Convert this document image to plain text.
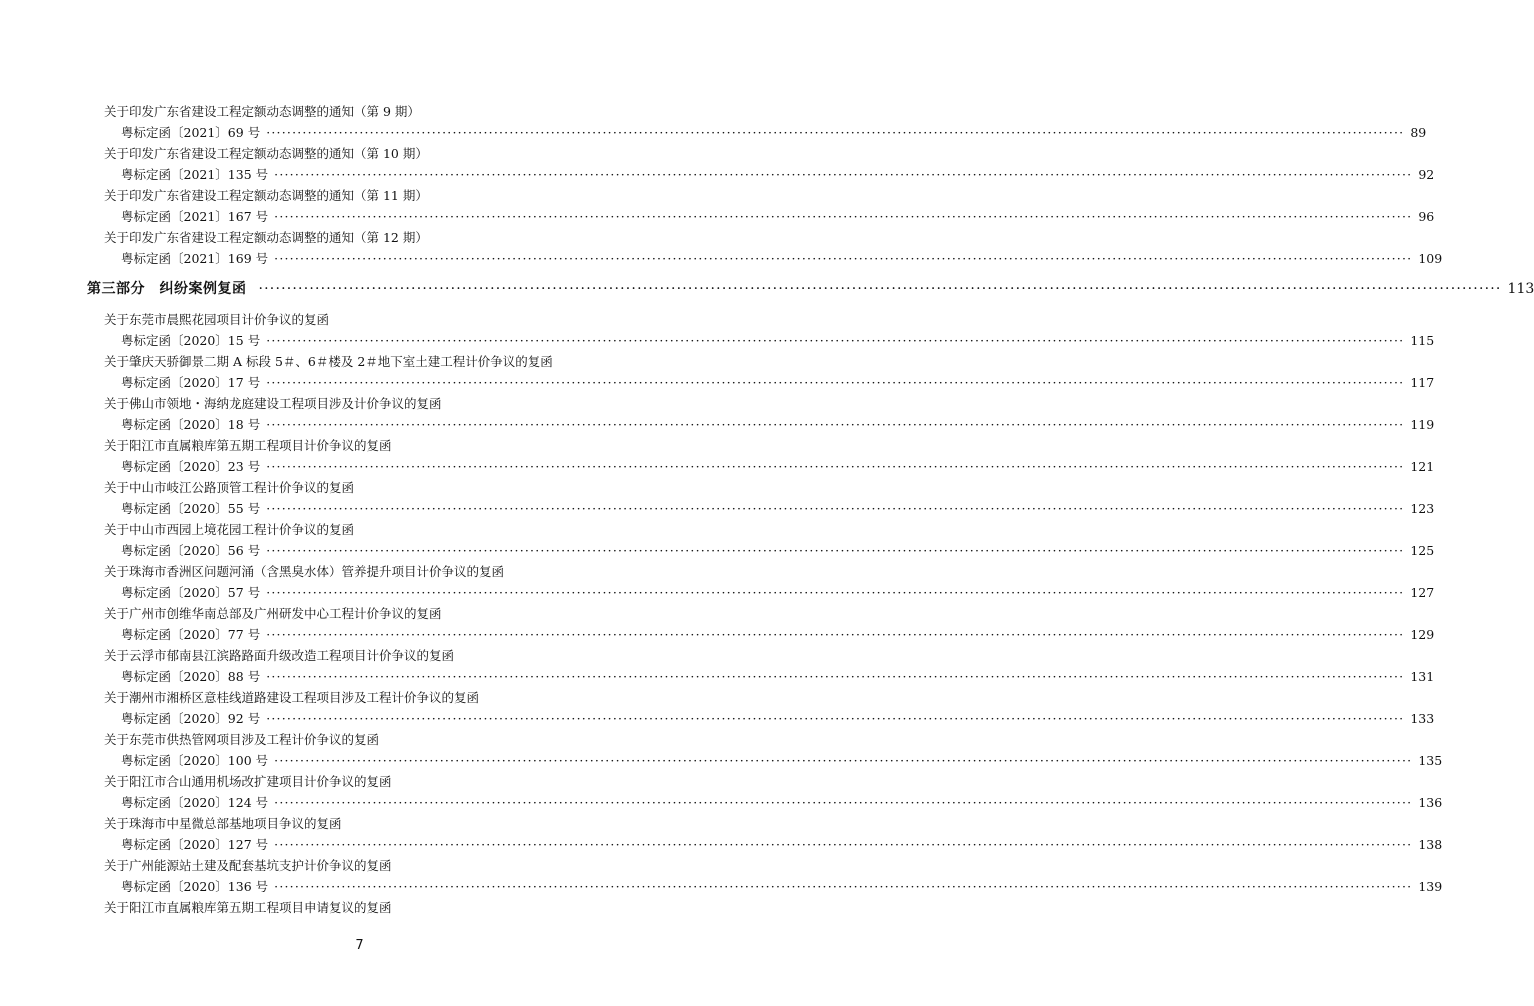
关于印发广东省建设工程定额动态调整的通知（第 9 期）
粤标定函〔2021〕69 号 ···························································································································································································································· 89
关于印发广东省建设工程定额动态调整的通知（第 10 期）
粤标定函〔2021〕135 号 ···························································································································································································································· 92
关于印发广东省建设工程定额动态调整的通知（第 11 期）
粤标定函〔2021〕167 号 ···························································································································································································································· 96
关于印发广东省建设工程定额动态调整的通知（第 12 期）
粤标定函〔2021〕169 号 ···························································································································································································································· 109
第三部分　纠纷案例复函 ···························································································································································································································· 113
关于东莞市晨熙花园项目计价争议的复函
粤标定函〔2020〕15 号 ···························································································································································································································· 115
关于肇庆天骄御景二期 A 标段 5＃、6＃楼及 2＃地下室土建工程计价争议的复函
粤标定函〔2020〕17 号 ···························································································································································································································· 117
关于佛山市领地・海纳龙庭建设工程项目涉及计价争议的复函
粤标定函〔2020〕18 号 ···························································································································································································································· 119
关于阳江市直属粮库第五期工程项目计价争议的复函
粤标定函〔2020〕23 号 ···························································································································································································································· 121
关于中山市岐江公路顶管工程计价争议的复函
粤标定函〔2020〕55 号 ···························································································································································································································· 123
关于中山市西园上境花园工程计价争议的复函
粤标定函〔2020〕56 号 ···························································································································································································································· 125
关于珠海市香洲区问题河涌（含黑臭水体）管养提升项目计价争议的复函
粤标定函〔2020〕57 号 ···························································································································································································································· 127
关于广州市创维华南总部及广州研发中心工程计价争议的复函
粤标定函〔2020〕77 号 ···························································································································································································································· 129
关于云浮市郁南县江滨路路面升级改造工程项目计价争议的复函
粤标定函〔2020〕88 号 ···························································································································································································································· 131
关于潮州市湘桥区意桂线道路建设工程项目涉及工程计价争议的复函
粤标定函〔2020〕92 号 ···························································································································································································································· 133
关于东莞市供热管网项目涉及工程计价争议的复函
粤标定函〔2020〕100 号 ···························································································································································································································· 135
关于阳江市合山通用机场改扩建项目计价争议的复函
粤标定函〔2020〕124 号 ···························································································································································································································· 136
关于珠海市中星微总部基地项目争议的复函
粤标定函〔2020〕127 号 ···························································································································································································································· 138
关于广州能源站土建及配套基坑支护计价争议的复函
粤标定函〔2020〕136 号 ···························································································································································································································· 139
关于阳江市直属粮库第五期工程项目申请复议的复函
7
